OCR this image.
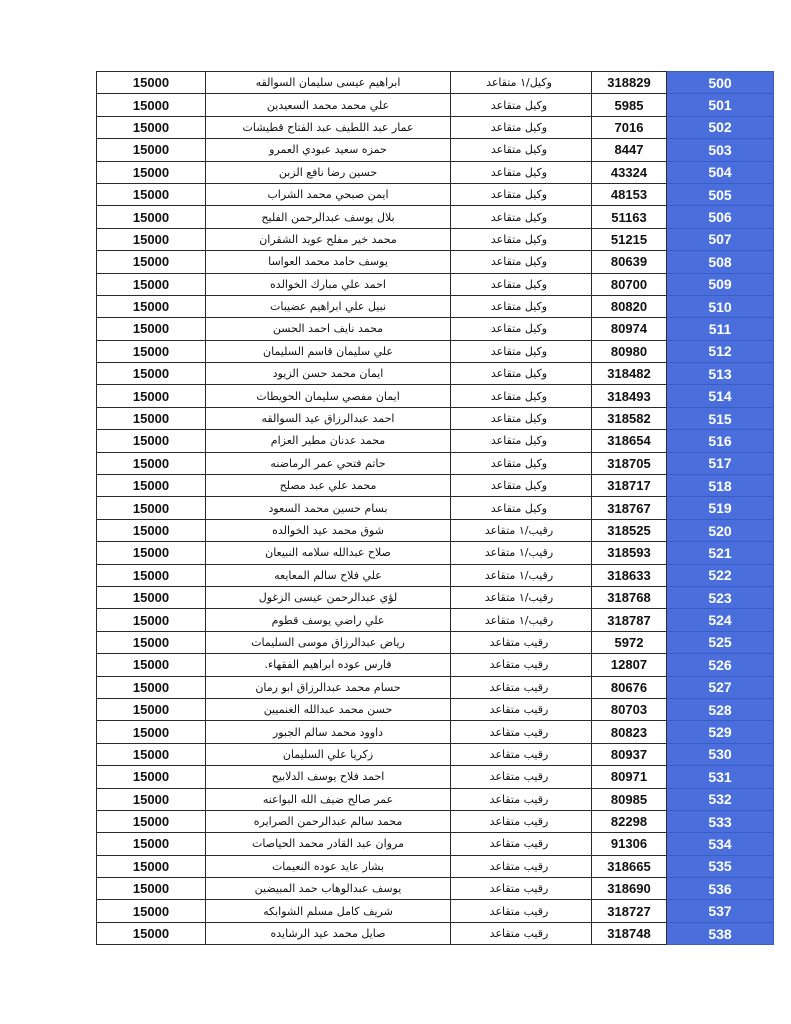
15000	ابراهيم عيسى سليمان السوالقه	وكيل/١ متقاعد	318829	500
15000	علي محمد محمد السعيدين	وكيل متقاعد	5985	501
15000	عمار عبد اللطيف عبد الفتاح قطيشات	وكيل متقاعد	7016	502
15000	حمزه سعيد عبودي العمرو	وكيل متقاعد	8447	503
15000	حسين رضا نافع الزبن	وكيل متقاعد	43324	504
15000	ايمن صبحي محمد الشراب	وكيل متقاعد	48153	505
15000	بلال يوسف عبدالرحمن الفليح	وكيل متقاعد	51163	506
15000	محمد خير مفلح عويد الشقران	وكيل متقاعد	51215	507
15000	يوسف حامد محمد العواسا	وكيل متقاعد	80639	508
15000	احمد علي مبارك الخوالده	وكيل متقاعد	80700	509
15000	نبيل علي ابراهيم عضيبات	وكيل متقاعد	80820	510
15000	محمد نايف احمد الحسن	وكيل متقاعد	80974	511
15000	علي سليمان قاسم السليمان	وكيل متقاعد	80980	512
15000	ايمان محمد حسن الزيود	وكيل متقاعد	318482	513
15000	ايمان مفصي سليمان الحويطات	وكيل متقاعد	318493	514
15000	احمد عبدالرزاق عيد السوالقه	وكيل متقاعد	318582	515
15000	محمد عدنان مطير العزام	وكيل متقاعد	318654	516
15000	حاتم فتحي عمر الرماضنه	وكيل متقاعد	318705	517
15000	محمد علي عبد مصلح	وكيل متقاعد	318717	518
15000	بسام حسين محمد السعود	وكيل متقاعد	318767	519
15000	شوق محمد عيد الخوالده	رقيب/١ متقاعد	318525	520
15000	صلاح عبدالله سلامه النبيعان	رقيب/١ متقاعد	318593	521
15000	علي فلاح سالم المعايعه	رقيب/١ متقاعد	318633	522
15000	لؤي عبدالرحمن عيسى الزغول	رقيب/١ متقاعد	318768	523
15000	علي راضي يوسف قطوم	رقيب/١ متقاعد	318787	524
15000	رياض عبدالرزاق موسى السليمات	رقيب متقاعد	5972	525
15000	فارس عوده ابراهيم الفقهاء.	رقيب متقاعد	12807	526
15000	حسام محمد عبدالرزاق ابو رمان	رقيب متقاعد	80676	527
15000	حسن محمد عبدالله الغنميين	رقيب متقاعد	80703	528
15000	داوود محمد سالم الجبور	رقيب متقاعد	80823	529
15000	زكريا علي السليمان	رقيب متقاعد	80937	530
15000	احمد فلاح يوسف الدلابيح	رقيب متقاعد	80971	531
15000	عمر صالح ضيف الله البواعنه	رقيب متقاعد	80985	532
15000	محمد سالم عبدالرحمن الصرايره	رقيب متقاعد	82298	533
15000	مروان عبد القادر محمد الحياصات	رقيب متقاعد	91306	534
15000	بشار عايد عوده النعيمات	رقيب متقاعد	318665	535
15000	يوسف عبدالوهاب حمد المبيضين	رقيب متقاعد	318690	536
15000	شريف كامل مسلم الشوابكه	رقيب متقاعد	318727	537
15000	صايل محمد عيد الرشايده	رقيب متقاعد	318748	538
